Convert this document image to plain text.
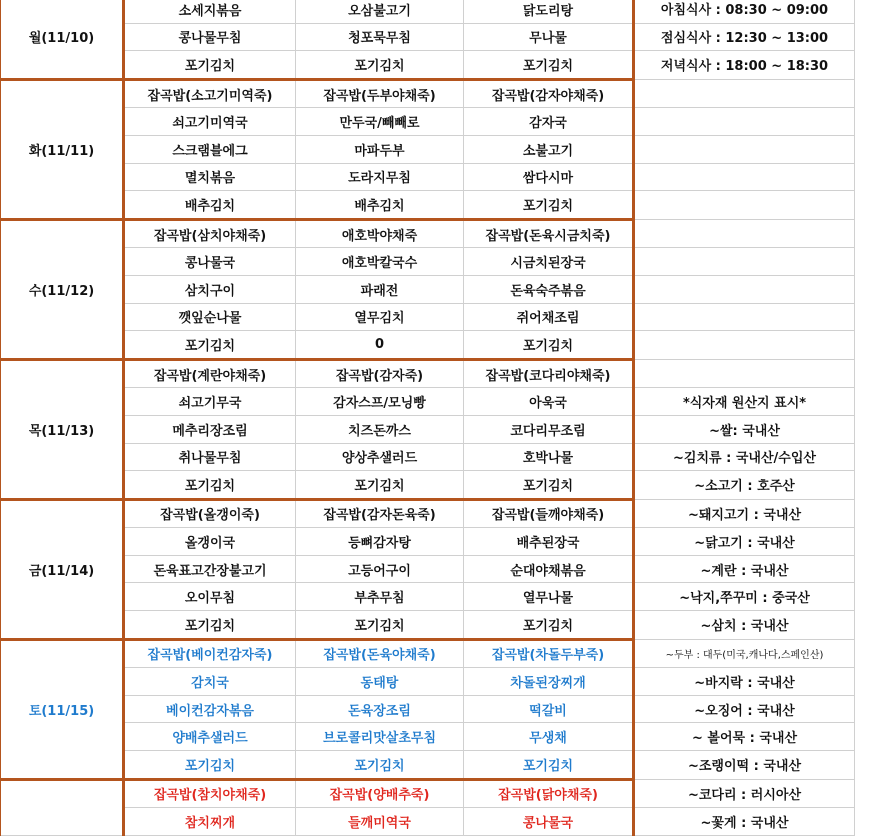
월(11/10)	소세지볶음	오삼불고기	닭도리탕	아침식사 : 08:30 ~ 09:00
	콩나물무침	청포묵무침	무나물	점심식사 : 12:30 ~ 13:00
	포기김치	포기김치	포기김치	저녁식사 : 18:00 ~ 18:30
화(11/11)	잡곡밥(소고기미역죽)	잡곡밥(두부야채죽)	잡곡밥(감자야채죽)	
	쇠고기미역국	만두국/빼빼로	감자국	
	스크램블에그	마파두부	소불고기	
	멸치볶음	도라지무침	쌈다시마	
	배추김치	배추김치	포기김치	
수(11/12)	잡곡밥(삼치야채죽)	애호박야채죽	잡곡밥(돈육시금치죽)	
	콩나물국	애호박칼국수	시금치된장국	
	삼치구이	파래전	돈육숙주볶음	
	깻잎순나물	열무김치	쥐어채조림	
	포기김치	0	포기김치	
목(11/13)	잡곡밥(계란야채죽)	잡곡밥(감자죽)	잡곡밥(코다리야채죽)	
	쇠고기무국	감자스프/모닝빵	아욱국	*식자재 원산지 표시*
	메추리장조림	치즈돈까스	코다리무조림	~쌀: 국내산
	취나물무침	양상추샐러드	호박나물	~김치류 : 국내산/수입산
	포기김치	포기김치	포기김치	~소고기 : 호주산
금(11/14)	잡곡밥(올갱이죽)	잡곡밥(감자돈육죽)	잡곡밥(들깨야채죽)	~돼지고기 : 국내산
	올갱이국	등뼈감자탕	배추된장국	~닭고기 : 국내산
	돈육표고간장불고기	고등어구이	순대야채볶음	~계란 : 국내산
	오이무침	부추무침	열무나물	~낙지,쭈꾸미 : 중국산
	포기김치	포기김치	포기김치	~삼치 : 국내산
토(11/15)	잡곡밥(베이컨감자죽)	잡곡밥(돈육야채죽)	잡곡밥(차돌두부죽)	~두부 : 대두(미국,캐나다,스페인산)
	감치국	동태탕	차돌된장찌개	~바지락 : 국내산
	베이컨감자볶음	돈육장조림	떡갈비	~오징어 : 국내산
	양배추샐러드	브로콜리맛살초무침	무생채	~ 볼어묵 : 국내산
	포기김치	포기김치	포기김치	~조랭이떡 : 국내산
	잡곡밥(참치야채죽)	잡곡밥(양배추죽)	잡곡밥(닭야채죽)	~코다리 : 러시아산
	참치찌개	들깨미역국	콩나물국	~꽃게 : 국내산
